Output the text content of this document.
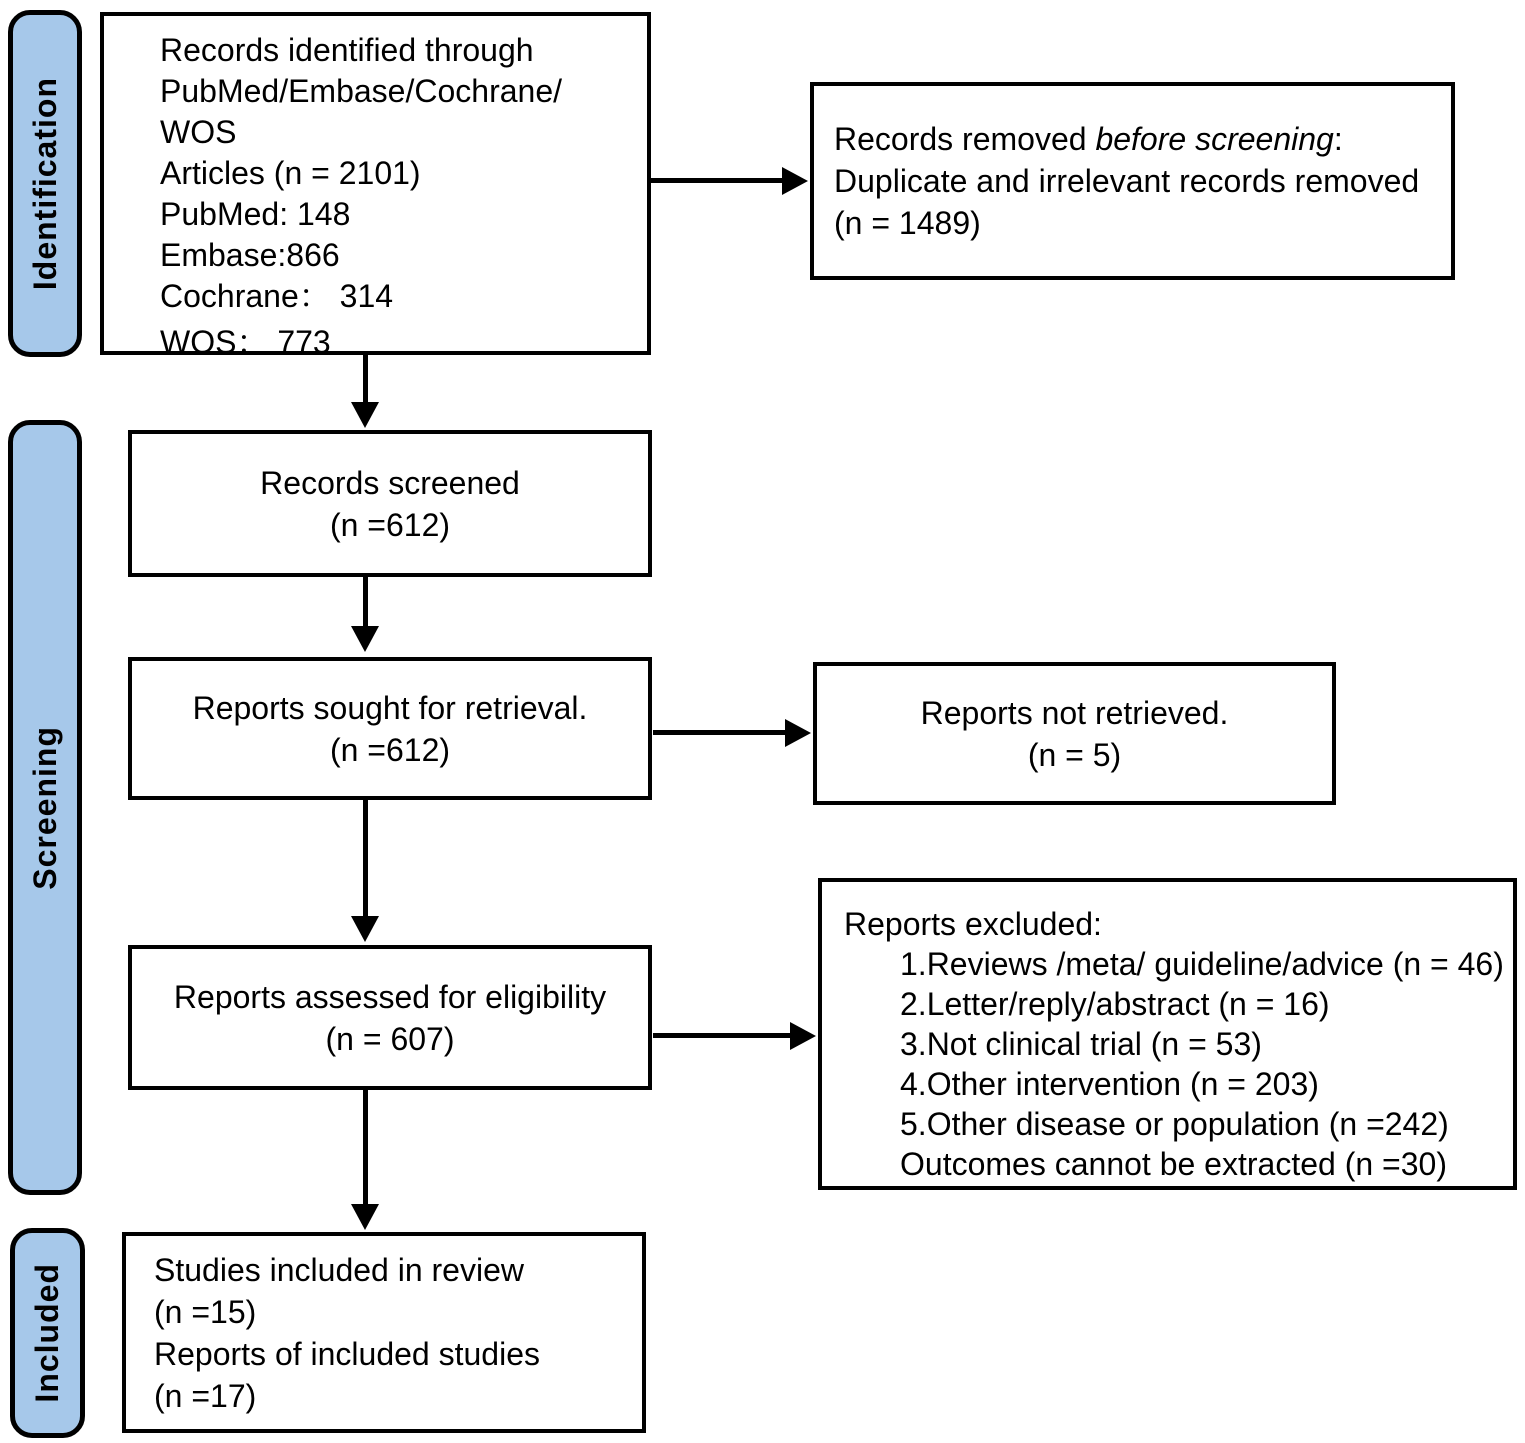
Identification
Screening
Included
Records identified through
PubMed/Embase/Cochrane/
WOS
Articles (n = 2101)
PubMed: 148
Embase:866
Cochrane： 314
WOS： 773
Records removed before screening:
Duplicate and irrelevant records removed
(n = 1489)
Records screened
(n =612)
Reports sought for retrieval.
(n =612)
Reports not retrieved.
(n = 5)
Reports assessed for eligibility
(n = 607)
Reports excluded:
1.Reviews /meta/ guideline/advice (n = 46)
2.Letter/reply/abstract (n = 16)
3.Not clinical trial (n = 53)
4.Other intervention (n = 203)
5.Other disease or population (n =242)
Outcomes cannot be extracted (n =30)
Studies included in review
(n =15)
Reports of included studies
(n =17)
